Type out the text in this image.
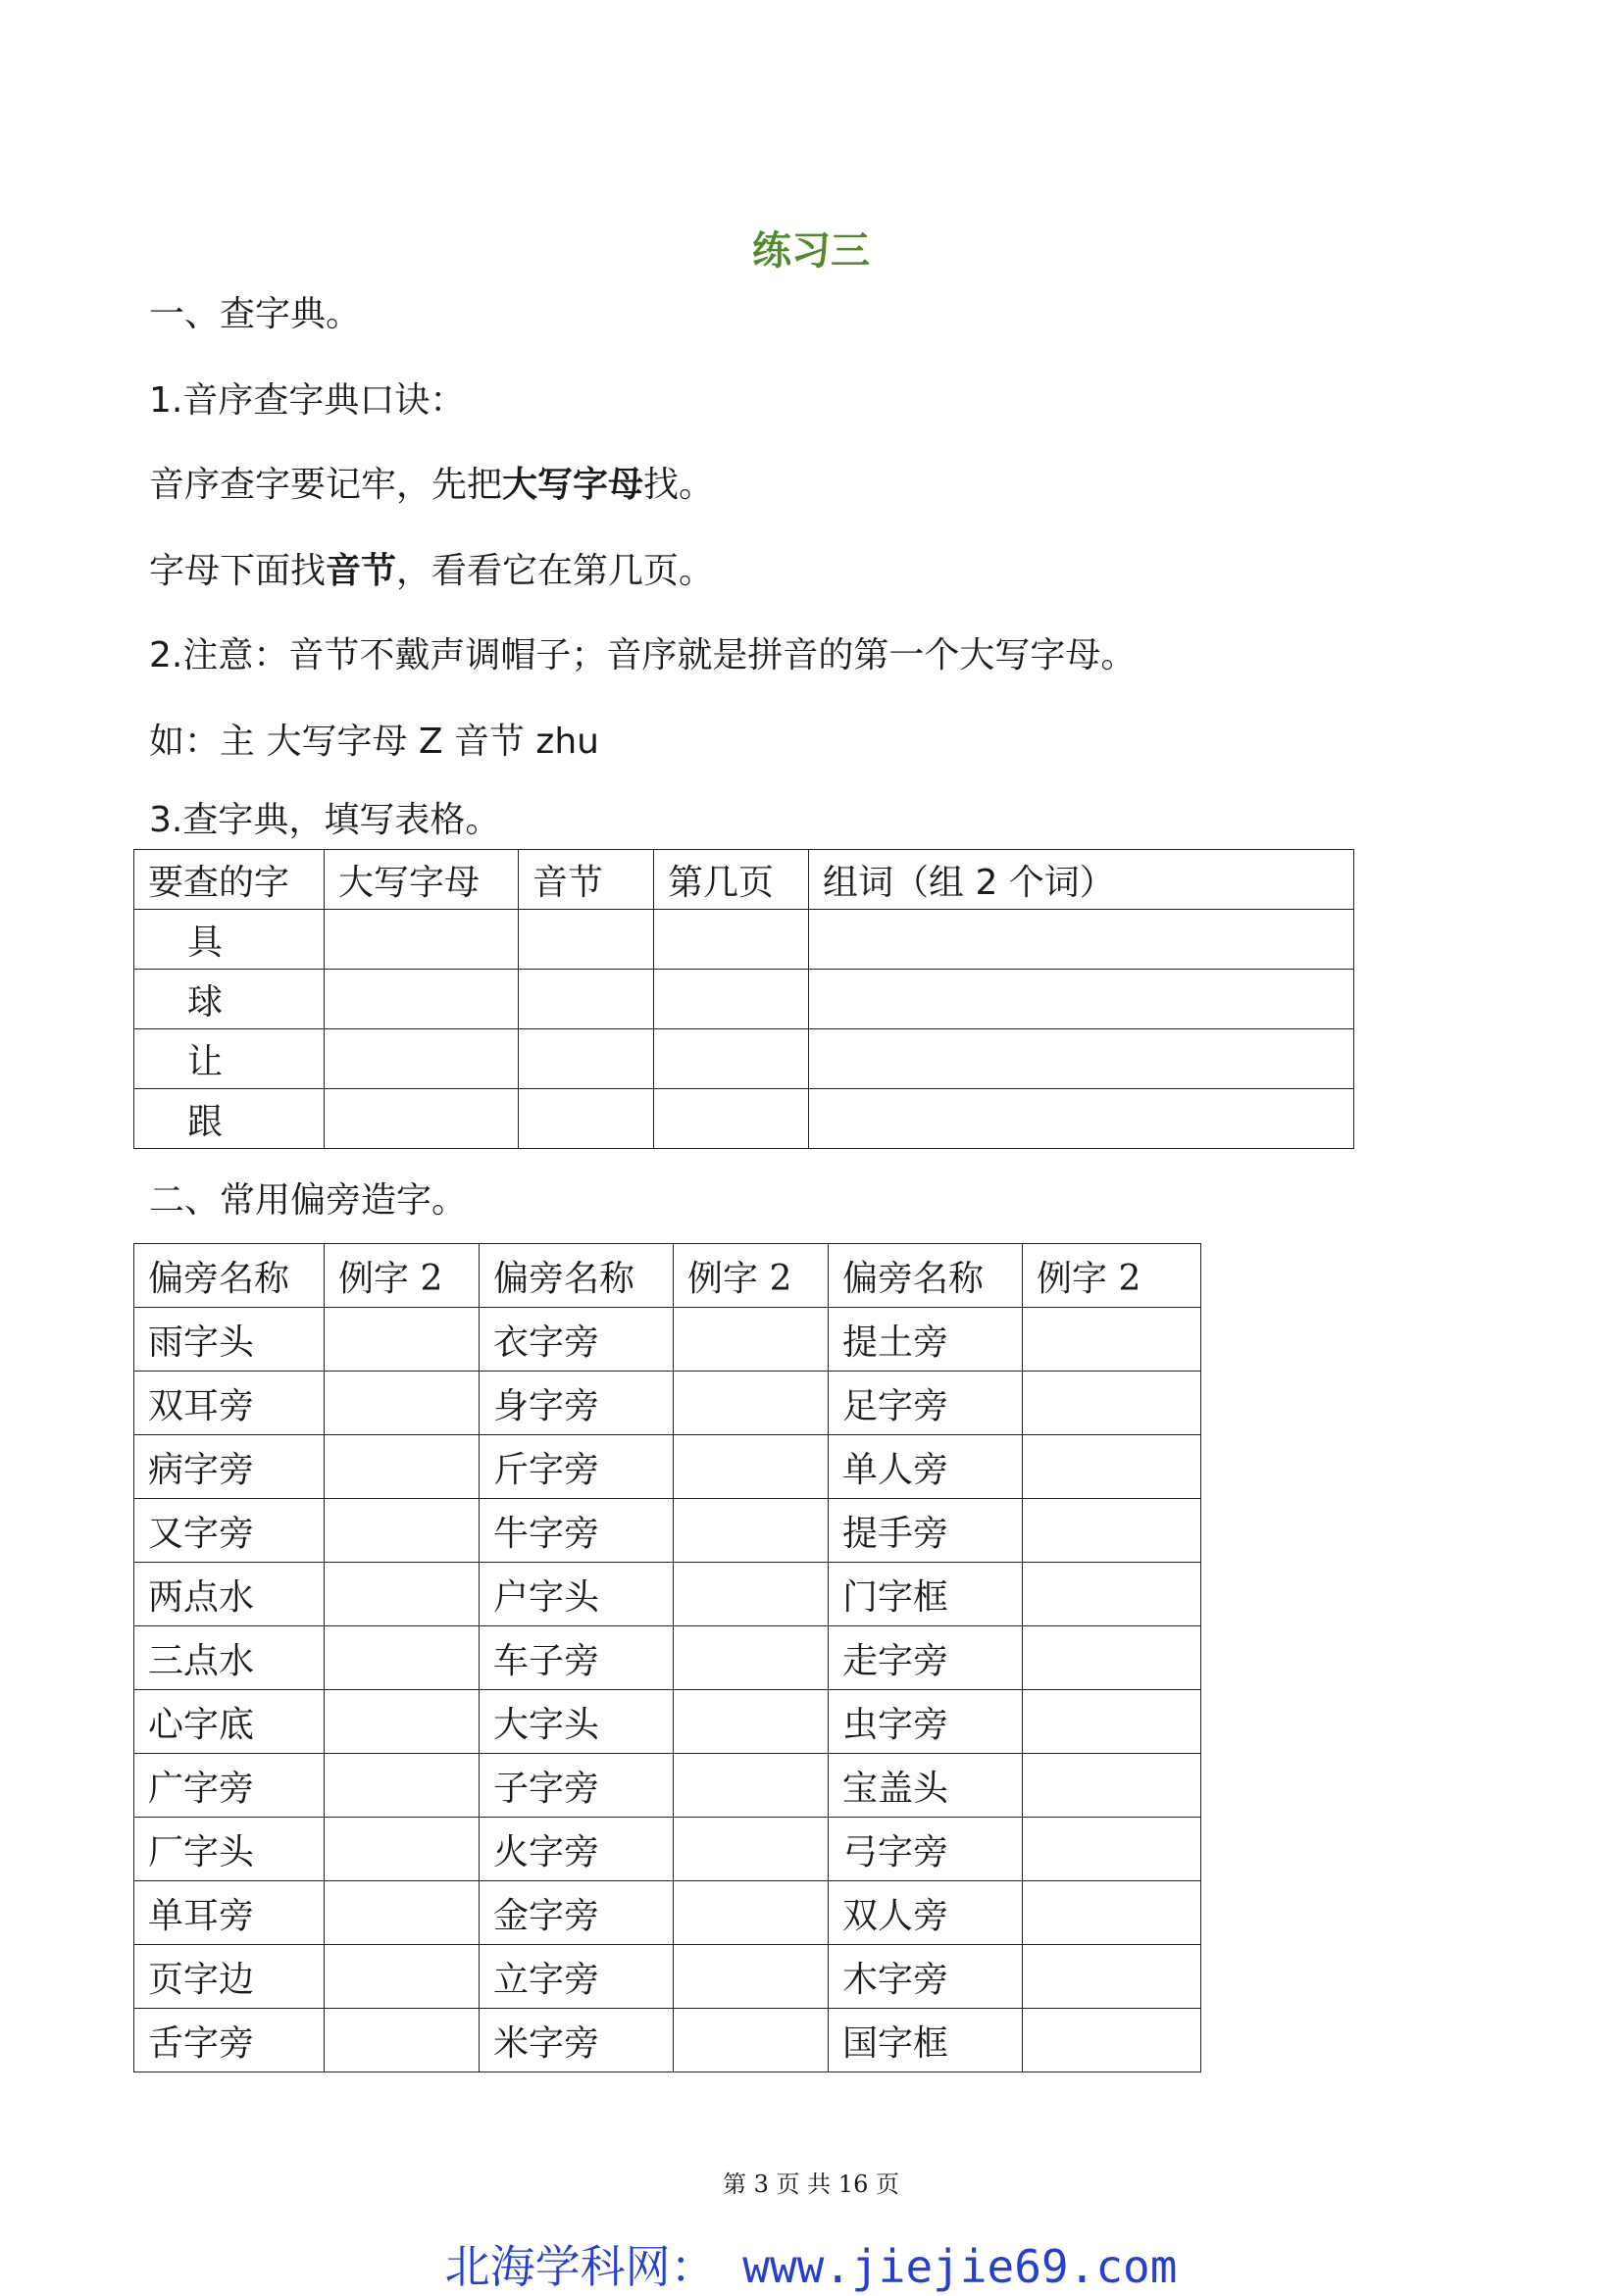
练习三
一、查字典。
1.音序查字典口诀：
音序查字要记牢，先把大写字母找。
字母下面找音节，看看它在第几页。
2.注意：音节不戴声调帽子；音序就是拼音的第一个大写字母。
如：主 大写字母 Z 音节 zhu
3.查字典，填写表格。
要查的字	大写字母	音节	第几页	组词（组 2 个词）
具				
球				
让				
跟				
二、常用偏旁造字。
偏旁名称	例字 2	偏旁名称	例字 2	偏旁名称	例字 2
雨字头		衣字旁		提土旁	
双耳旁		身字旁		足字旁	
病字旁		斤字旁		单人旁	
又字旁		牛字旁		提手旁	
两点水		户字头		门字框	
三点水		车子旁		走字旁	
心字底		大字头		虫字旁	
广字旁		子字旁		宝盖头	
厂字头		火字旁		弓字旁	
单耳旁		金字旁		双人旁	
页字边		立字旁		木字旁	
舌字旁		米字旁		国字框	
第 3 页 共 16 页
北海学科网： www.jiejie69.com
